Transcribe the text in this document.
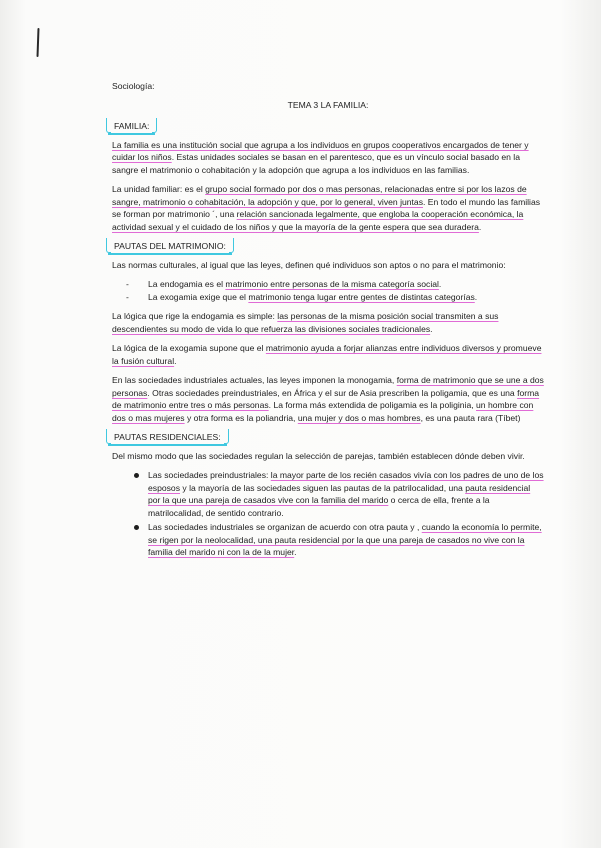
Sociología:

TEMA 3 LA FAMILIA:

FAMILIA:

La familia es una institución social que agrupa a los individuos en grupos cooperativos encargados de tener y cuidar los niños. Estas unidades sociales se basan en el parentesco, que es un vínculo social basado en la sangre el matrimonio o cohabitación y la adopción que agrupa a los individuos en las familias.

La unidad familiar: es el grupo social formado por dos o mas personas, relacionadas entre si por los lazos de sangre, matrimonio o cohabitación, la adopción y que, por lo general, viven juntas. En todo el mundo las familias se forman por matrimonio ´, una relación sancionada legalmente, que engloba la cooperación económica, la actividad sexual y el cuidado de los niños y que la mayoría de la gente espera que sea duradera.

PAUTAS DEL MATRIMONIO:

Las normas culturales, al igual que las leyes, definen qué individuos son aptos o no para el matrimonio:

- La endogamia es el matrimonio entre personas de la misma categoría social.
- La exogamia exige que el matrimonio tenga lugar entre gentes de distintas categorías.

La lógica que rige la endogamia es simple: las personas de la misma posición social transmiten a sus descendientes su modo de vida lo que refuerza las divisiones sociales tradicionales.

La lógica de la exogamia supone que el matrimonio ayuda a forjar alianzas entre individuos diversos y promueve la fusión cultural.

En las sociedades industriales actuales, las leyes imponen la monogamia, forma de matrimonio que se une a dos personas. Otras sociedades preindustriales, en África y el sur de Asia prescriben la poligamia, que es una forma de matrimonio entre tres o más personas. La forma más extendida de poligamia es la poliginia, un hombre con dos o mas mujeres y otra forma es la poliandria, una mujer y dos o mas hombres, es una pauta rara (Tíbet)

PAUTAS RESIDENCIALES:

Del mismo modo que las sociedades regulan la selección de parejas, también establecen dónde deben vivir.

Las sociedades preindustriales: la mayor parte de los recién casados vivía con los padres de uno de los esposos y la mayoría de las sociedades siguen las pautas de la patrilocalidad, una pauta residencial por la que una pareja de casados vive con la familia del marido o cerca de ella, frente a la matrilocalidad, de sentido contrario.
Las sociedades industriales se organizan de acuerdo con otra pauta y , cuando la economía lo permite, se rigen por la neolocalidad, una pauta residencial por la que una pareja de casados no vive con la familia del marido ni con la de la mujer.
